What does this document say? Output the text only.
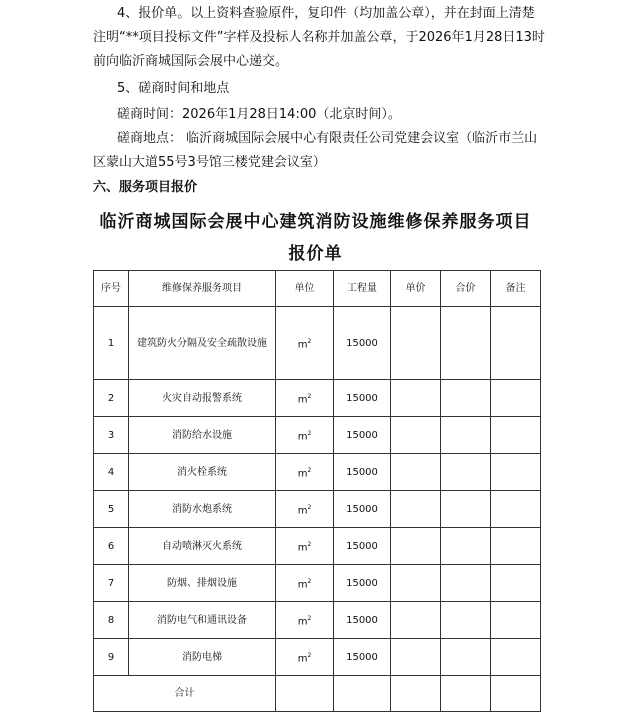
4、报价单。以上资料查验原件，复印件（均加盖公章），并在封面上清楚
注明“**项目投标文件”字样及投标人名称并加盖公章，于2026年1月28日13时
前向临沂商城国际会展中心递交。
5、磋商时间和地点
磋商时间：2026年1月28日14:00（北京时间）。
磋商地点： 临沂商城国际会展中心有限责任公司党建会议室（临沂市兰山
区蒙山大道55号3号馆三楼党建会议室）
六、服务项目报价
临沂商城国际会展中心建筑消防设施维修保养服务项目
报价单
序号	维修保养服务项目	单位	工程量	单价	合价	备注
1	建筑防火分隔及安全疏散设施	$m^2$	15000			
2	火灾自动报警系统	$m^2$	15000			
3	消防给水设施	$m^2$	15000			
4	消火栓系统	$m^2$	15000			
5	消防水炮系统	$m^2$	15000			
6	自动喷淋灭火系统	$m^2$	15000			
7	防烟、排烟设施	$m^2$	15000			
8	消防电气和通讯设备	$m^2$	15000			
9	消防电梯	$m^2$	15000			
合计						
